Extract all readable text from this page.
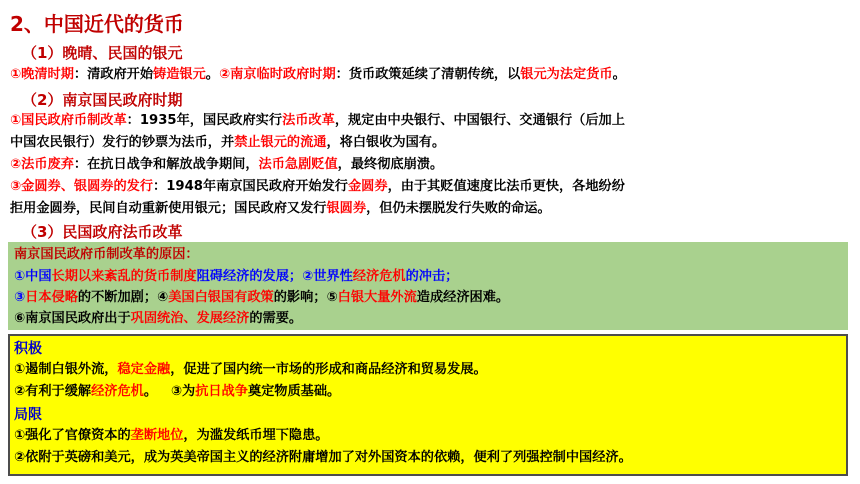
2、中国近代的货币
（1）晚晴、民国的银元
①晚清时期：清政府开始铸造银元。②南京临时政府时期：货币政策延续了清朝传统，以银元为法定货币。
（2）南京国民政府时期
①国民政府币制改革：1935年，国民政府实行法币改革，规定由中央银行、中国银行、交通银行（后加上
中国农民银行）发行的钞票为法币，并禁止银元的流通，将白银收为国有。
②法币废弃：在抗日战争和解放战争期间，法币急剧贬值，最终彻底崩溃。
③金圆券、银圆券的发行：1948年南京国民政府开始发行金圆券，由于其贬值速度比法币更快，各地纷纷
拒用金圆券，民间自动重新使用银元；国民政府又发行银圆券，但仍未摆脱发行失败的命运。
（3）民国政府法币改革
南京国民政府币制改革的原因：
①中国长期以来紊乱的货币制度阻碍经济的发展；②世界性经济危机的冲击；
③日本侵略的不断加剧；④美国白银国有政策的影响；⑤白银大量外流造成经济困难。
⑥南京国民政府出于巩固统治、发展经济的需要。
积极
①遏制白银外流，稳定金融，促进了国内统一市场的形成和商品经济和贸易发展。
②有利于缓解经济危机。   ③为抗日战争奠定物质基础。
局限
①强化了官僚资本的垄断地位，为滥发纸币埋下隐患。
②依附于英磅和美元，成为英美帝国主义的经济附庸增加了对外国资本的依赖，便利了列强控制中国经济。
